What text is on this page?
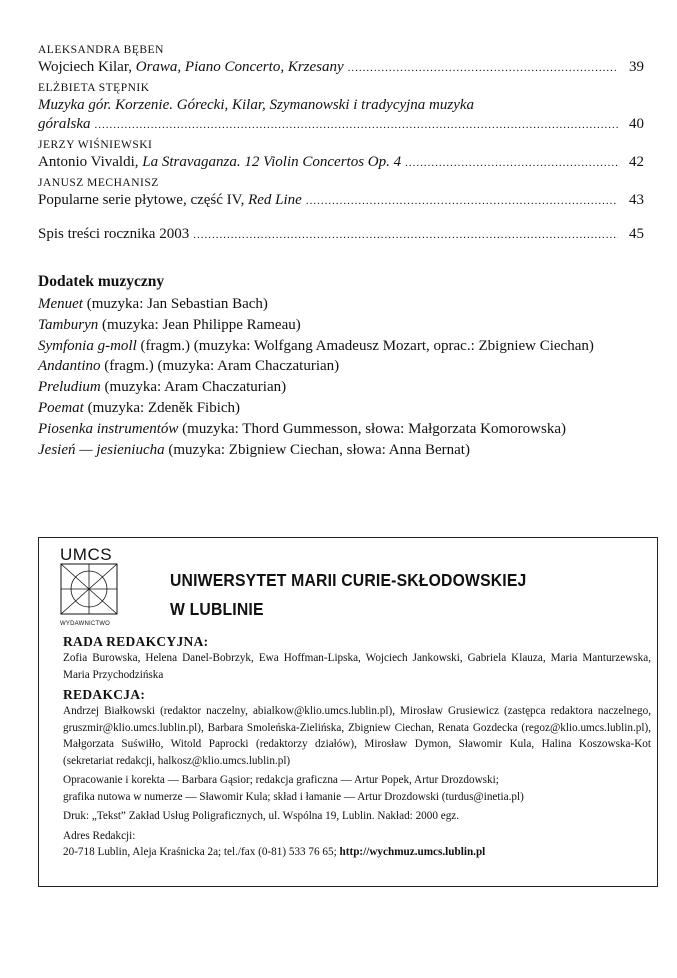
ALEKSANDRA BĘBEN
Wojciech Kilar, Orawa, Piano Concerto, Krzesany .....	39
ELŻBIETA STĘPNIK
Muzyka gór. Korzenie. Górecki, Kilar, Szymanowski i tradycyjna muzyka
góralska .....	40
JERZY WIŚNIEWSKI
Antonio Vivaldi, La Stravaganza. 12 Violin Concertos Op. 4 .....	42
JANUSZ MECHANISZ
Popularne serie płytowe, część IV, Red Line .....	43
Spis treści rocznika 2003 .....	45
Dodatek muzyczny
Menuet (muzyka: Jan Sebastian Bach)
Tamburyn (muzyka: Jean Philippe Rameau)
Symfonia g-moll (fragm.) (muzyka: Wolfgang Amadeusz Mozart, oprac.: Zbigniew Ciechan)
Andantino (fragm.) (muzyka: Aram Chaczaturian)
Preludium (muzyka: Aram Chaczaturian)
Poemat (muzyka: Zdeněk Fibich)
Piosenka instrumentów (muzyka: Thord Gummesson, słowa: Małgorzata Komorowska)
Jesień — jesieniucha (muzyka: Zbigniew Ciechan, słowa: Anna Bernat)
UMCS
WYDAWNICTWO
UNIWERSYTET MARII CURIE-SKŁODOWSKIEJ
W LUBLINIE
RADA REDAKCYJNA:

Zofia Burowska, Helena Danel-Bobrzyk, Ewa Hoffman-Lipska, Wojciech Jankowski, Gabriela Klauza, Maria Manturzewska, Maria Przychodzińska

REDAKCJA:

Andrzej Białkowski (redaktor naczelny, abialkow@klio.umcs.lublin.pl), Mirosław Grusiewicz (zastępca redaktora naczelnego, gruszmir@klio.umcs.lublin.pl), Barbara Smoleńska-Zielińska, Zbigniew Ciechan, Renata Gozdecka (regoz@klio.umcs.lublin.pl), Małgorzata Suświłło, Witold Paprocki (redaktorzy działów), Mirosław Dymon, Sławomir Kula, Halina Koszowska-Kot (sekretariat redakcji, halkosz@klio.umcs.lublin.pl)

Opracowanie i korekta — Barbara Gąsior; redakcja graficzna — Artur Popek, Artur Drozdowski;

grafika nutowa w numerze — Sławomir Kula; skład i łamanie — Artur Drozdowski (turdus@inetia.pl)

Druk: „Tekst” Zakład Usług Poligraficznych, ul. Wspólna 19, Lublin. Nakład: 2000 egz.

Adres Redakcji:

20-718 Lublin, Aleja Kraśnicka 2a; tel./fax (0-81) 533 76 65; http://wychmuz.umcs.lublin.pl
